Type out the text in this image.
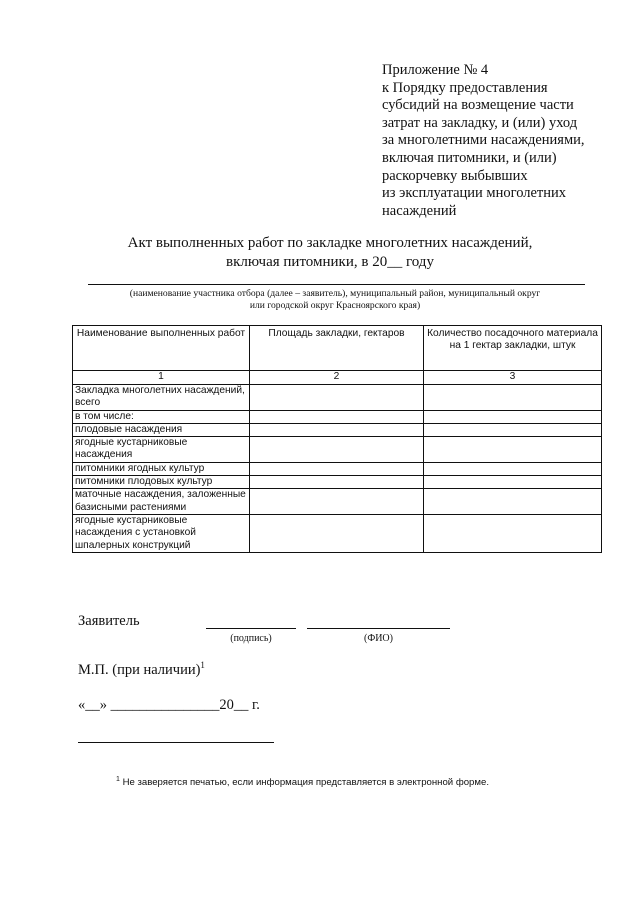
Приложение № 4
к Порядку предоставления
субсидий на возмещение части
затрат на закладку, и (или) уход
за многолетними насаждениями,
включая питомники, и (или)
раскорчевку выбывших
из эксплуатации многолетних
насаждений
Акт выполненных работ по закладке многолетних насаждений,
включая питомники, в 20__ году
(наименование участника отбора (далее – заявитель), муниципальный район, муниципальный округ
или городской округ Красноярского края)
Наименование выполненных работ	Площадь закладки, гектаров	Количество посадочного материала на 1 гектар закладки, штук
1	2	3
Закладка многолетних насаждений, всего		
в том числе:		
плодовые насаждения		
ягодные кустарниковые насаждения		
питомники ягодных культур		
питомники плодовых культур		
маточные насаждения, заложенные базисными растениями		
ягодные кустарниковые насаждения с установкой шпалерных конструкций		
Заявитель
(подпись)	(ФИО)
М.П. (при наличии)$^1$
«__» _______________20__ г.
$^1$ Не заверяется печатью, если информация представляется в электронной форме.
